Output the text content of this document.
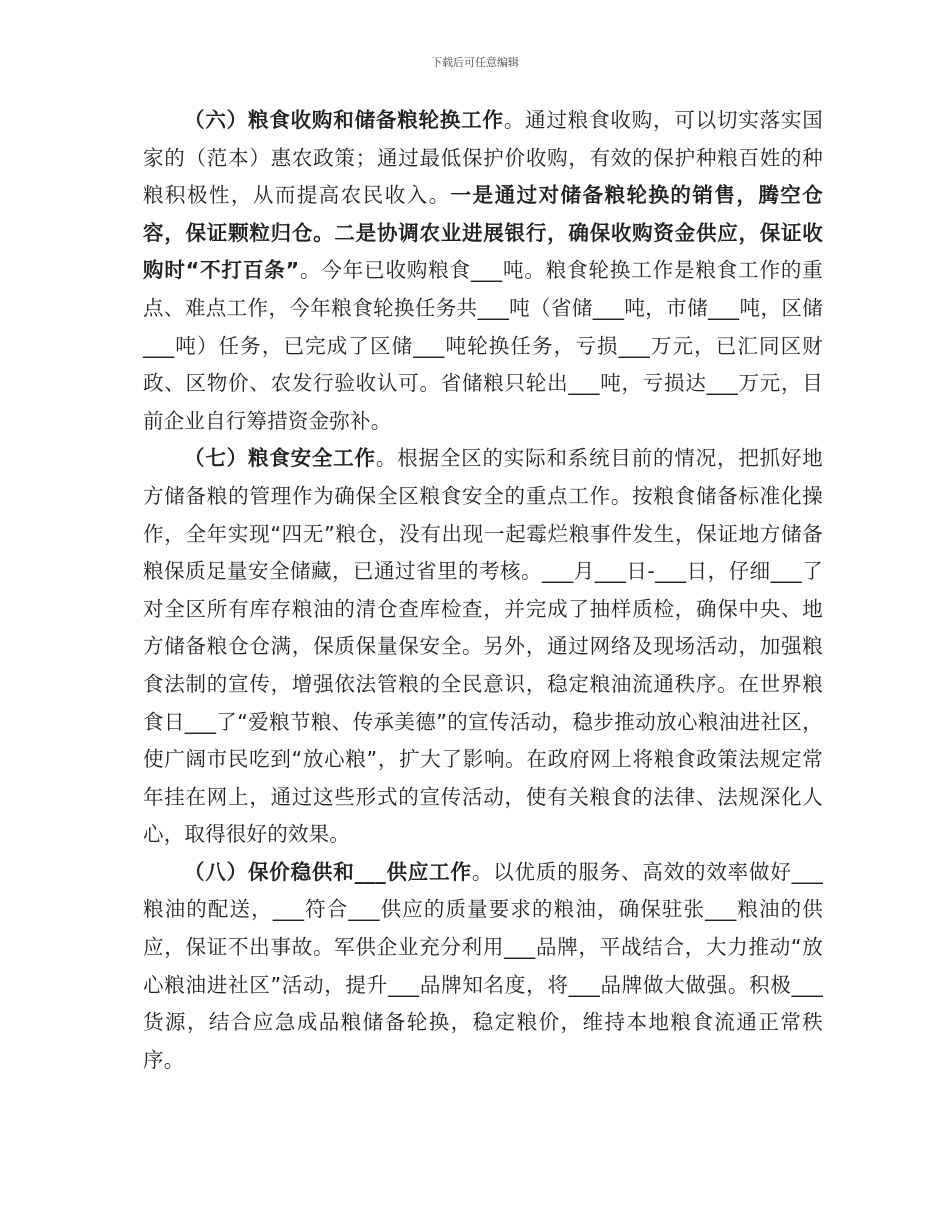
下载后可任意编辑

（六）粮食收购和储备粮轮换工作。通过粮食收购，可以切实落实国家的（范本）惠农政策；通过最低保护价收购，有效的保护种粮百姓的种粮积极性，从而提高农民收入。一是通过对储备粮轮换的销售，腾空仓容，保证颗粒归仓。二是协调农业进展银行，确保收购资金供应，保证收购时“不打百条”。今年已收购粮食___吨。粮食轮换工作是粮食工作的重点、难点工作，今年粮食轮换任务共___吨（省储___吨，市储___吨，区储___吨）任务，已完成了区储___吨轮换任务，亏损___万元，已汇同区财政、区物价、农发行验收认可。省储粮只轮出___吨，亏损达___万元，目前企业自行筹措资金弥补。

（七）粮食安全工作。根据全区的实际和系统目前的情况，把抓好地方储备粮的管理作为确保全区粮食安全的重点工作。按粮食储备标准化操作，全年实现“四无”粮仓，没有出现一起霉烂粮事件发生，保证地方储备粮保质足量安全储藏，已通过省里的考核。___月___日-___日，仔细___了对全区所有库存粮油的清仓查库检查，并完成了抽样质检，确保中央、地方储备粮仓仓满，保质保量保安全。另外，通过网络及现场活动，加强粮食法制的宣传，增强依法管粮的全民意识，稳定粮油流通秩序。在世界粮食日___了“爱粮节粮、传承美德”的宣传活动，稳步推动放心粮油进社区，使广阔市民吃到“放心粮”，扩大了影响。在政府网上将粮食政策法规定常年挂在网上，通过这些形式的宣传活动，使有关粮食的法律、法规深化人心，取得很好的效果。

（八）保价稳供和___供应工作。以优质的服务、高效的效率做好___粮油的配送，___符合___供应的质量要求的粮油，确保驻张___粮油的供应，保证不出事故。军供企业充分利用___品牌，平战结合，大力推动“放心粮油进社区”活动，提升___品牌知名度，将___品牌做大做强。积极___货源，结合应急成品粮储备轮换，稳定粮价，维持本地粮食流通正常秩序。
